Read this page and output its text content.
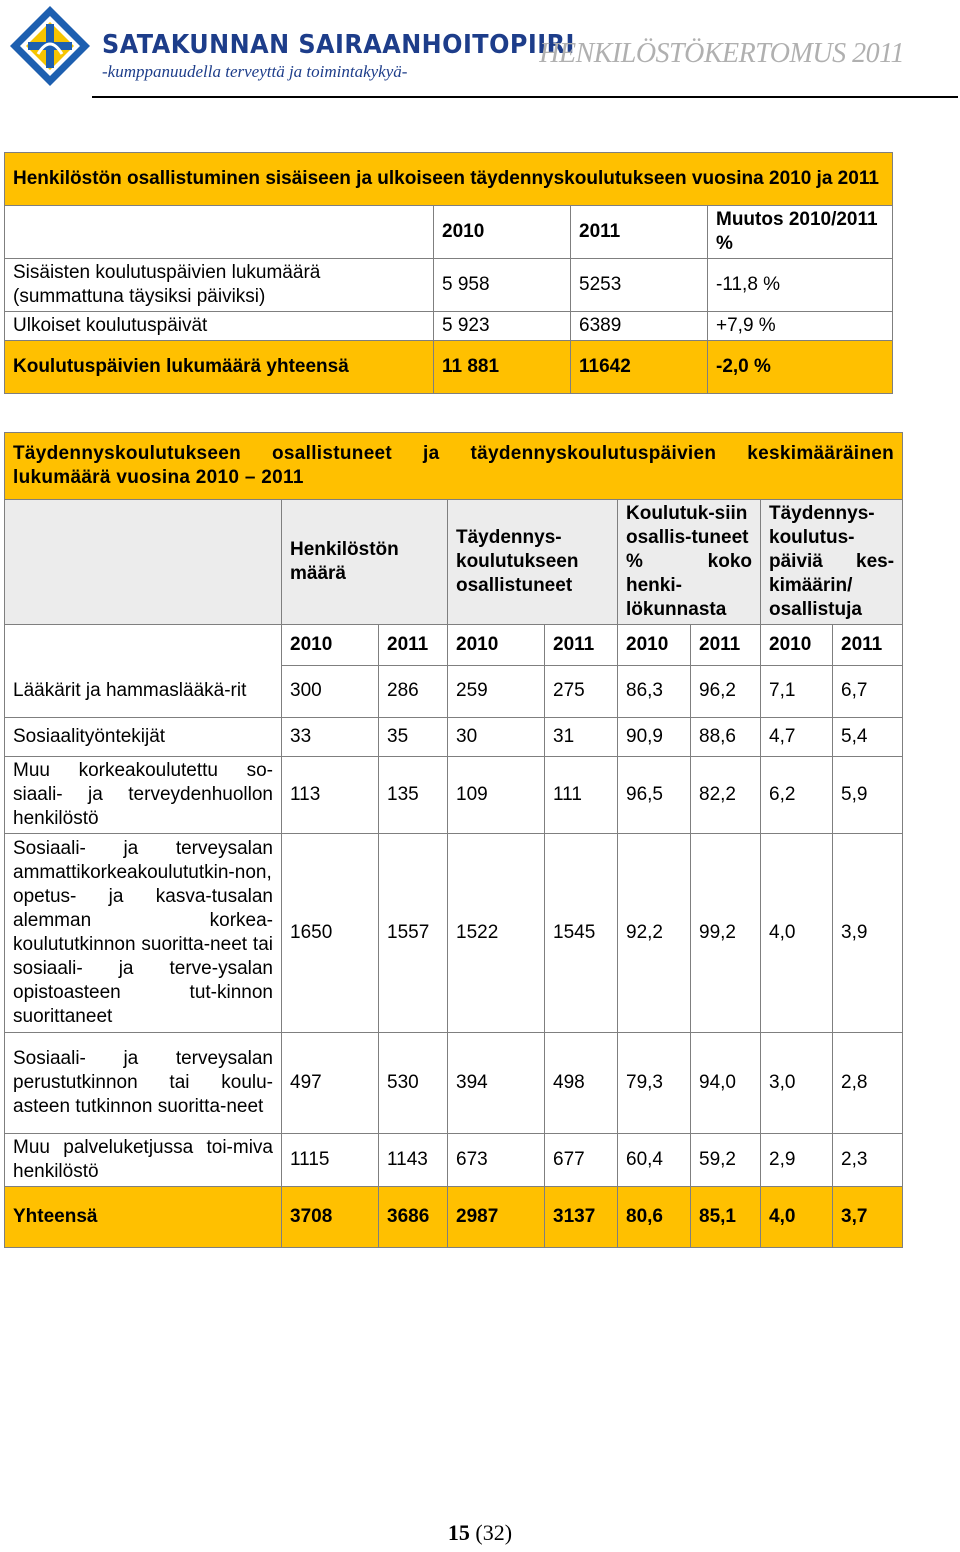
SATAKUNNAN SAIRAANHOITOPIIRI
-kumppanuudella terveyttä ja toimintakykyä-
HENKILÖSTÖKERTOMUS 2011
Henkilöstön osallistuminen sisäiseen ja ulkoiseen täydennyskoulutukseen vuosina 2010 ja 2011			
	2010	2011	Muutos 2010/2011 %
Sisäisten koulutuspäivien lukumäärä (summattuna täysiksi päiviksi)	5 958	5253	-11,8 %
Ulkoiset koulutuspäivät	5 923	6389	+7,9 %
Koulutuspäivien lukumäärä yhteensä	11 881	11642	-2,0 %
Täydennyskoulutukseen osallistuneet ja täydennyskoulutuspäivien keskimääräinen lukumäärä vuosina 2010 – 2011								

	Henkilöstön määrä		Täydennys-koulutukseen osallistuneet		Koulutuk-siin osallis-tuneet % koko henki-lökunnasta		Täydennys-koulutus-päiviä kes-kimäärin/ osallistuja	

	2010	2011	2010	2011	2010	2011	2010	2011

Lääkärit ja hammaslääkä-rit	300	286	259	275	86,3	96,2	7,1	6,7

Sosiaalityöntekijät	33	35	30	31	90,9	88,6	4,7	5,4

Muu korkeakoulutettu so-siaali- ja terveydenhuollon henkilöstö	113	135	109	111	96,5	82,2	6,2	5,9

Sosiaali- ja terveysalan ammattikorkeakoulututkin-non, opetus- ja kasva-tusalan alemman korkea-koulututkinnon suoritta-neet tai sosiaali- ja terve-ysalan opistoasteen tut-kinnon suorittaneet	1650	1557	1522	1545	92,2	99,2	4,0	3,9

Sosiaali- ja terveysalan perustutkinnon tai koulu-asteen tutkinnon suoritta-neet	497	530	394	498	79,3	94,0	3,0	2,8

Muu palveluketjussa toi-miva henkilöstö	1115	1143	673	677	60,4	59,2	2,9	2,3
Yhteensä	3708	3686	2987	3137	80,6	85,1	4,0	3,7
15 (32)
